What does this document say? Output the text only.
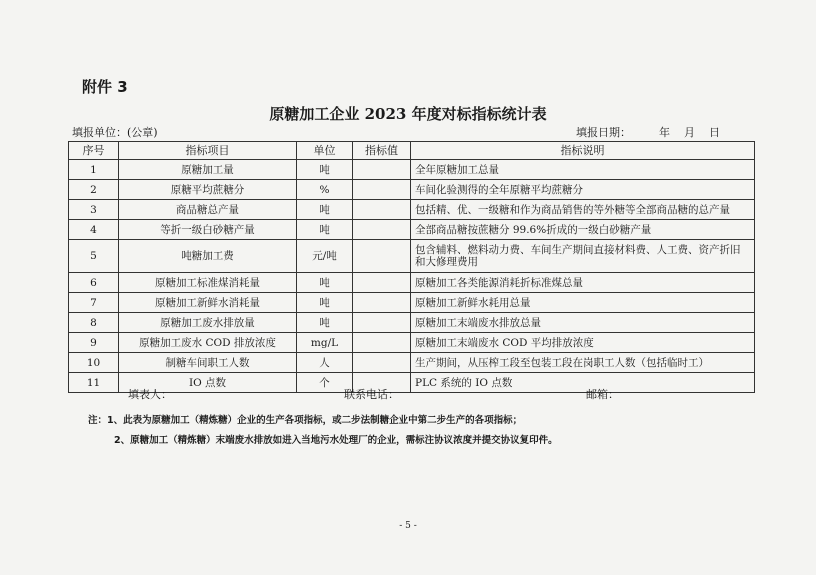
附件 3
原糖加工企业 2023 年度对标指标统计表
填报单位：(公章)	填报日期：        年    月    日
序号	指标项目	单位	指标值	指标说明
1	原糖加工量	吨		全年原糖加工总量
2	原糖平均蔗糖分	%		车间化验测得的全年原糖平均蔗糖分
3	商品糖总产量	吨		包括精、优、一级糖和作为商品销售的等外糖等全部商品糖的总产量
4	等折一级白砂糖产量	吨		全部商品糖按蔗糖分 99.6%折成的一级白砂糖产量
5	吨糖加工费	元/吨		包含辅料、燃料动力费、车间生产期间直接材料费、人工费、资产折旧和大修理费用
6	原糖加工标准煤消耗量	吨		原糖加工各类能源消耗折标准煤总量
7	原糖加工新鲜水消耗量	吨		原糖加工新鲜水耗用总量
8	原糖加工废水排放量	吨		原糖加工末端废水排放总量
9	原糖加工废水 COD 排放浓度	mg/L		原糖加工末端废水 COD 平均排放浓度
10	制糖车间职工人数	人		生产期间，从压榨工段至包装工段在岗职工人数（包括临时工）
11	IO 点数	个		PLC 系统的 IO 点数
填表人：	联系电话：	邮箱：
注：1、此表为原糖加工（精炼糖）企业的生产各项指标，或二步法制糖企业中第二步生产的各项指标；
2、原糖加工（精炼糖）末端废水排放如进入当地污水处理厂的企业，需标注协议浓度并提交协议复印件。
- 5 -
